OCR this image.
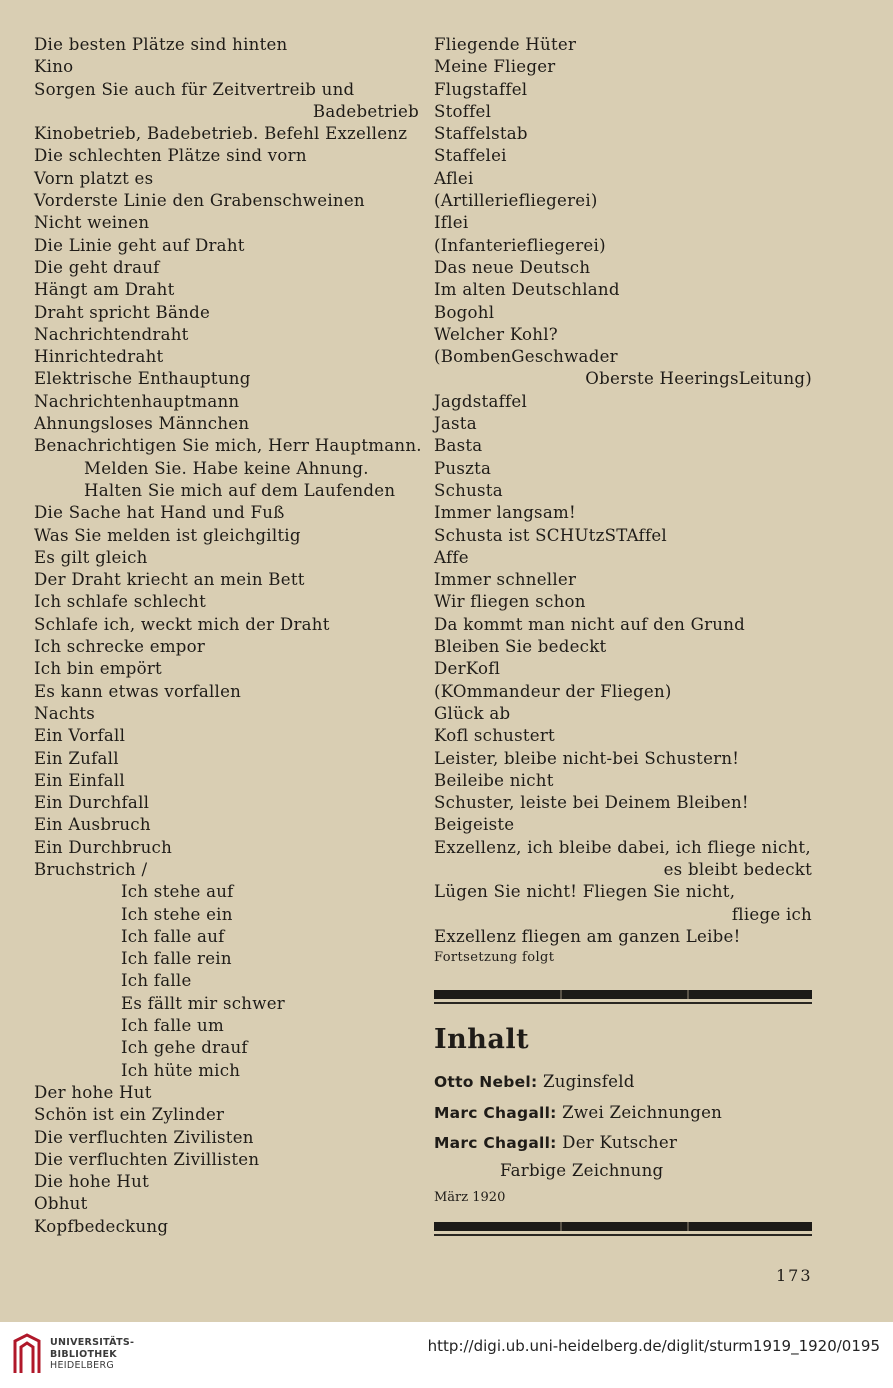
Die besten Plätze sind hinten
Kino
Sorgen Sie auch für Zeitvertreib und
Badebetrieb
Kinobetrieb, Badebetrieb. Befehl Exzellenz
Die schlechten Plätze sind vorn
Vorn platzt es
Vorderste Linie den Grabenschweinen
Nicht weinen
Die Linie geht auf Draht
Die geht drauf
Hängt am Draht
Draht spricht Bände
Nachrichtendraht
Hinrichtedraht
Elektrische Enthauptung
Nachrichtenhauptmann
Ahnungsloses Männchen
Benachrichtigen Sie mich, Herr Hauptmann.
Melden Sie. Habe keine Ahnung.
Halten Sie mich auf dem Laufenden
Die Sache hat Hand und Fuß
Was Sie melden ist gleichgiltig
Es gilt gleich
Der Draht kriecht an mein Bett
Ich schlafe schlecht
Schlafe ich, weckt mich der Draht
Ich schrecke empor
Ich bin empört
Es kann etwas vorfallen
Nachts
Ein Vorfall
Ein Zufall
Ein Einfall
Ein Durchfall
Ein Ausbruch
Ein Durchbruch
Bruchstrich /
Ich stehe auf
Ich stehe ein
Ich falle auf
Ich falle rein
Ich falle
Es fällt mir schwer
Ich falle um
Ich gehe drauf
Ich hüte mich
Der hohe Hut
Schön ist ein Zylinder
Die verfluchten Zivilisten
Die verfluchten Zivillisten
Die hohe Hut
Obhut
Kopfbedeckung
Fliegende Hüter
Meine Flieger
Flugstaffel
Stoffel
Staffelstab
Staffelei
Aflei
(Artilleriefliegerei)
Iflei
(Infanteriefliegerei)
Das neue Deutsch
Im alten Deutschland
Bogohl
Welcher Kohl?
(BombenGeschwader
Oberste HeeringsLeitung)
Jagdstaffel
Jasta
Basta
Puszta
Schusta
Immer langsam!
Schusta ist SCHUtzSTAffel
Affe
Immer schneller
Wir fliegen schon
Da kommt man nicht auf den Grund
Bleiben Sie bedeckt
DerKofl
(KOmmandeur der Fliegen)
Glück ab
Kofl schustert
Leister, bleibe nicht-bei Schustern!
Beileibe nicht
Schuster, leiste bei Deinem Bleiben!
Beigeiste
Exzellenz, ich bleibe dabei, ich fliege nicht,
es bleibt bedeckt
Lügen Sie nicht! Fliegen Sie nicht,
fliege ich
Exzellenz fliegen am ganzen Leibe!
Fortsetzung folgt
Inhalt
Otto Nebel: Zuginsfeld
Marc Chagall: Zwei Zeichnungen
Marc Chagall: Der Kutscher
Farbige Zeichnung
März 1920
173
UNIVERSITÄTS-
BIBLIOTHEK
HEIDELBERG
http://digi.ub.uni-heidelberg.de/diglit/sturm1919_1920/0195
